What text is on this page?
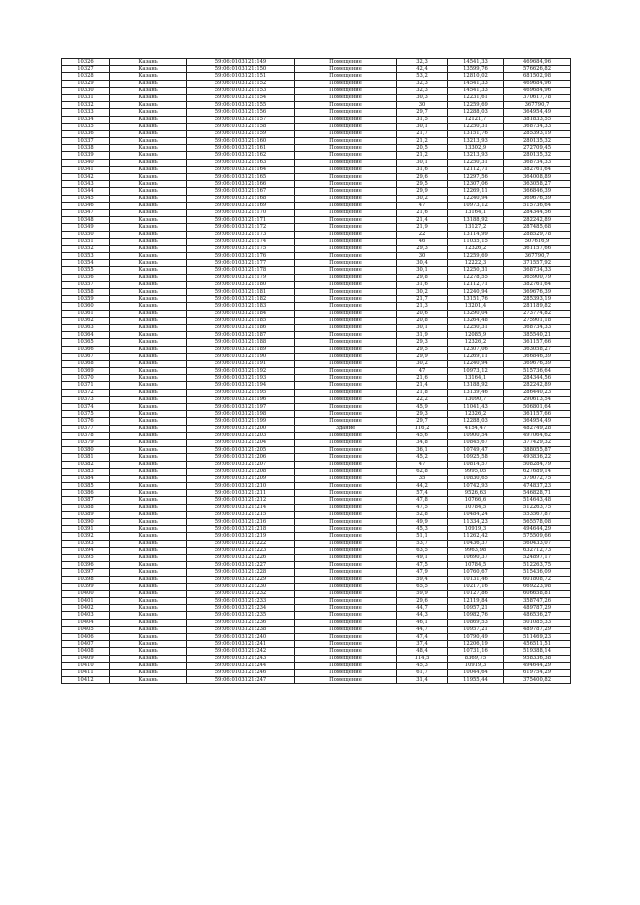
10326	Казань	59:06:0103121:149	Помещение	32,3	14541,33	469684,96
10327	Казань	59:06:0103121:150	Помещение	42,4	13599,76	576626,82
10328	Казань	59:06:0103121:151	Помещение	53,2	12810,02	681502,98
10329	Казань	59:06:0103121:152	Помещение	32,3	14541,33	469684,96
10330	Казань	59:06:0103121:153	Помещение	32,3	14541,33	469684,96
10331	Казань	59:06:0103121:154	Помещение	30,3	12231,61	370617,78
10332	Казань	59:06:0103121:155	Помещение	30	12259,69	367790,7
10333	Казань	59:06:0103121:156	Помещение	29,7	12288,03	364954,49
10334	Казань	59:06:0103121:157	Помещение	31,5	12121,7	381833,55
10335	Казань	59:06:0103121:158	Помещение	30,1	12250,31	368734,33
10336	Казань	59:06:0103121:159	Помещение	21,7	13151,76	285393,19
10337	Казань	59:06:0103121:160	Помещение	21,2	13213,93	280135,32
10338	Казань	59:06:0103121:161	Помещение	20,5	13302,9	272709,45
10339	Казань	59:06:0103121:162	Помещение	21,2	13213,93	280135,32
10340	Казань	59:06:0103121:163	Помещение	30,1	12250,31	368734,33
10341	Казань	59:06:0103121:164	Помещение	31,6	12112,71	382761,64
10342	Казань	59:06:0103121:165	Помещение	29,6	12297,56	364008,89
10343	Казань	59:06:0103121:166	Помещение	29,5	12307,06	363058,27
10344	Казань	59:06:0103121:167	Помещение	29,9	12269,11	366846,39
10345	Казань	59:06:0103121:168	Помещение	30,2	12240,94	369676,39
10346	Казань	59:06:0103121:169	Помещение	47	10973,12	515736,64
10347	Казань	59:06:0103121:170	Помещение	21,6	13164,1	284344,56
10348	Казань	59:06:0103121:171	Помещение	21,4	13188,92	282242,89
10349	Казань	59:06:0103121:172	Помещение	21,9	13127,2	287485,68
10350	Казань	59:06:0103121:173	Помещение	22	13114,99	288529,78
10351	Казань	59:06:0103121:174	Помещение	46	11035,15	507616,9
10352	Казань	59:06:0103121:175	Помещение	29,3	12326,2	361157,66
10353	Казань	59:06:0103121:176	Помещение	30	12259,69	367790,7
10354	Казань	59:06:0103121:177	Помещение	30,4	12222,3	371557,92
10355	Казань	59:06:0103121:178	Помещение	30,1	12250,31	368734,33
10356	Казань	59:06:0103121:179	Помещение	29,8	12278,55	365900,79
10357	Казань	59:06:0103121:180	Помещение	31,6	12112,71	382761,64
10358	Казань	59:06:0103121:181	Помещение	30,2	12240,94	369676,39
10359	Казань	59:06:0103121:182	Помещение	21,7	13151,76	285393,19
10360	Казань	59:06:0103121:183	Помещение	21,3	13201,4	281189,82
10361	Казань	59:06:0103121:184	Помещение	20,6	13290,04	273774,82
10362	Казань	59:06:0103121:185	Помещение	20,8	13264,48	275901,18
10363	Казань	59:06:0103121:186	Помещение	30,1	12250,31	368734,33
10364	Казань	59:06:0103121:187	Помещение	31,9	12085,9	385540,21
10365	Казань	59:06:0103121:188	Помещение	29,3	12326,2	361157,66
10366	Казань	59:06:0103121:189	Помещение	29,5	12307,06	363058,27
10367	Казань	59:06:0103121:190	Помещение	29,9	12269,11	366846,39
10368	Казань	59:06:0103121:191	Помещение	30,2	12240,94	369676,39
10369	Казань	59:06:0103121:192	Помещение	47	10973,12	515736,64
10370	Казань	59:06:0103121:193	Помещение	21,6	13164,1	284344,56
10371	Казань	59:06:0103121:194	Помещение	21,4	13188,92	282242,89
10372	Казань	59:06:0103121:195	Помещение	21,8	13139,46	286440,23
10373	Казань	59:06:0103121:196	Помещение	22,2	13090,7	290613,54
10374	Казань	59:06:0103121:197	Помещение	45,9	11041,43	506801,64
10375	Казань	59:06:0103121:198	Помещение	29,3	12326,2	361157,66
10376	Казань	59:06:0103121:199	Помещение	29,7	12288,03	364954,49
10377	Казань	59:06:0103121:200	Здание	116,2	4154,47	482749,28
10378	Казань	59:06:0103121:203	Помещение	45,6	10900,54	497064,62
10379	Казань	59:06:0103121:204	Помещение	34,8	10845,67	377429,32
10380	Казань	59:06:0103121:205	Помещение	36,1	10749,47	388055,87
10381	Казань	59:06:0103121:206	Помещение	45,2	10925,58	493836,22
10382	Казань	59:06:0103121:207	Помещение	47	10814,57	508284,79
10383	Казань	59:06:0103121:208	Помещение	62,8	9995,05	627689,14
10384	Казань	59:06:0103121:209	Помещение	35	10830,65	379072,75
10385	Казань	59:06:0103121:210	Помещение	44,2	10742,93	474837,23
10386	Казань	59:06:0103121:211	Помещение	57,4	9526,63	546828,71
10387	Казань	59:06:0103121:212	Помещение	47,8	10766,6	514643,48
10388	Казань	59:06:0103121:214	Помещение	47,5	10784,5	512263,75
10389	Казань	59:06:0103121:215	Помещение	52,8	10484,24	553567,87
10390	Казань	59:06:0103121:216	Помещение	49,9	11334,23	565578,08
10391	Казань	59:06:0103121:218	Помещение	45,3	10919,3	494644,29
10392	Казань	59:06:0103121:219	Помещение	51,1	11262,42	575509,66
10393	Казань	59:06:0103121:222	Помещение	53,7	10436,37	560433,07
10394	Казань	59:06:0103121:223	Помещение	63,5	9963,98	632712,73
10395	Казань	59:06:0103121:226	Помещение	49,1	10690,37	524897,17
10396	Казань	59:06:0103121:227	Помещение	47,5	10784,5	512263,75
10397	Казань	59:06:0103121:228	Помещение	47,9	10760,67	515436,09
10398	Казань	59:06:0103121:229	Помещение	59,4	10131,46	601808,72
10399	Казань	59:06:0103121:230	Помещение	65,5	10217,16	669223,98
10400	Казань	59:06:0103121:232	Помещение	59,9	10127,86	606658,81
10401	Казань	59:06:0103121:233	Помещение	29,6	12119,84	358747,26
10402	Казань	59:06:0103121:234	Помещение	44,7	10957,21	489787,29
10403	Казань	59:06:0103121:235	Помещение	44,3	10982,76	486536,27
10404	Казань	59:06:0103121:236	Помещение	46,1	10869,53	501085,33
10405	Казань	59:06:0103121:238	Помещение	44,7	10957,21	489787,29
10406	Казань	59:06:0103121:240	Помещение	47,4	10790,49	511469,23
10407	Казань	59:06:0103121:241	Помещение	37,4	12206,19	456511,51
10408	Казань	59:06:0103121:242	Помещение	48,4	10731,16	519388,14
10409	Казань	59:06:0103121:243	Помещение	114,5	8369,75	958336,38
10410	Казань	59:06:0103121:244	Помещение	45,3	10919,3	494644,29
10411	Казань	59:06:0103121:246	Помещение	61,7	10044,64	619754,29
10412	Казань	59:06:0103121:247	Помещение	31,4	11955,44	375400,82
